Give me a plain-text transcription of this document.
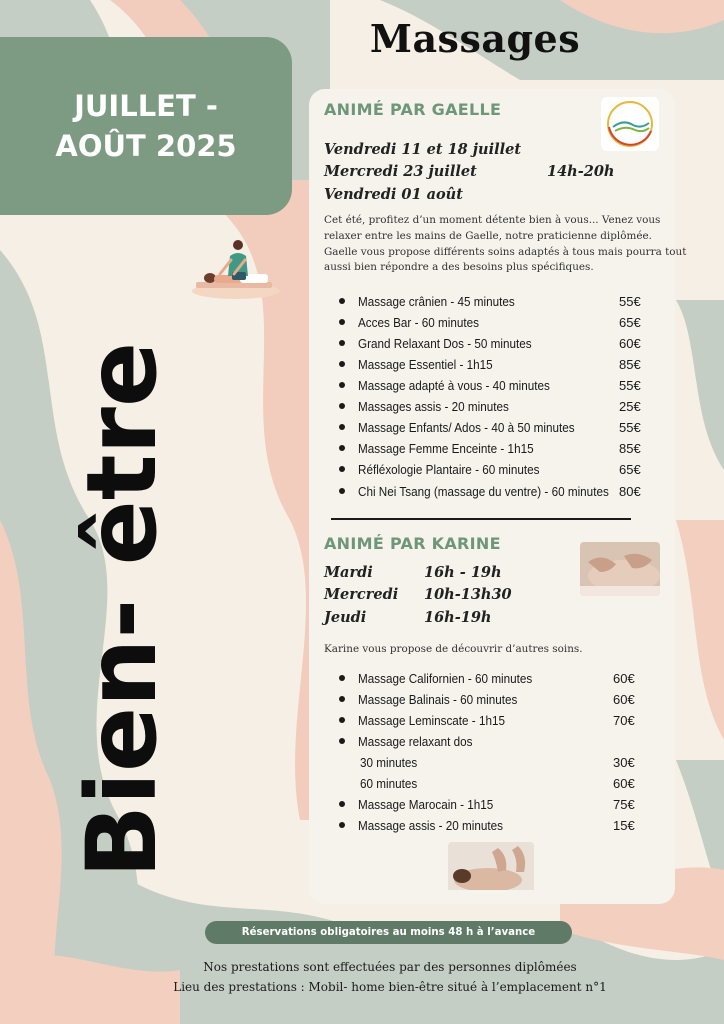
JUILLET -
AOÛT 2025
Massages
Bien- être
ANIMÉ PAR GAELLE
Vendredi 11 et 18 juillet
Mercredi 23 juillet	14h-20h
Vendredi 01 août
Cet été, profitez d’un moment détente bien à vous... Venez vous
relaxer entre les mains de Gaelle, notre praticienne diplômée.
Gaelle vous propose différents soins adaptés à tous mais pourra tout
aussi bien répondre a des besoins plus spécifiques.
Massage crânien - 45 minutes	55€
Acces Bar - 60 minutes	65€
Grand Relaxant Dos - 50 minutes	60€
Massage Essentiel - 1h15	85€
Massage adapté à vous - 40 minutes	55€
Massages assis - 20 minutes	25€
Massage Enfants/ Ados - 40 à 50 minutes	55€
Massage Femme Enceinte - 1h15	85€
Réfléxologie Plantaire - 60 minutes	65€
Chi Nei Tsang (massage du ventre) - 60 minutes 80€
ANIMÉ PAR KARINE
Mardi	16h - 19h
Mercredi 10h-13h30
Jeudi	16h-19h
Karine vous propose de découvrir d’autres soins.
Massage Californien - 60 minutes	60€
Massage Balinais - 60 minutes	60€
Massage Leminscate - 1h15	70€
Massage relaxant dos
30 minutes	30€
60 minutes	60€
Massage Marocain - 1h15	75€
Massage assis - 20 minutes	15€
Réservations obligatoires au moins 48 h à l’avance
Nos prestations sont effectuées par des personnes diplômées
Lieu des prestations : Mobil- home bien-être situé à l’emplacement n°1
